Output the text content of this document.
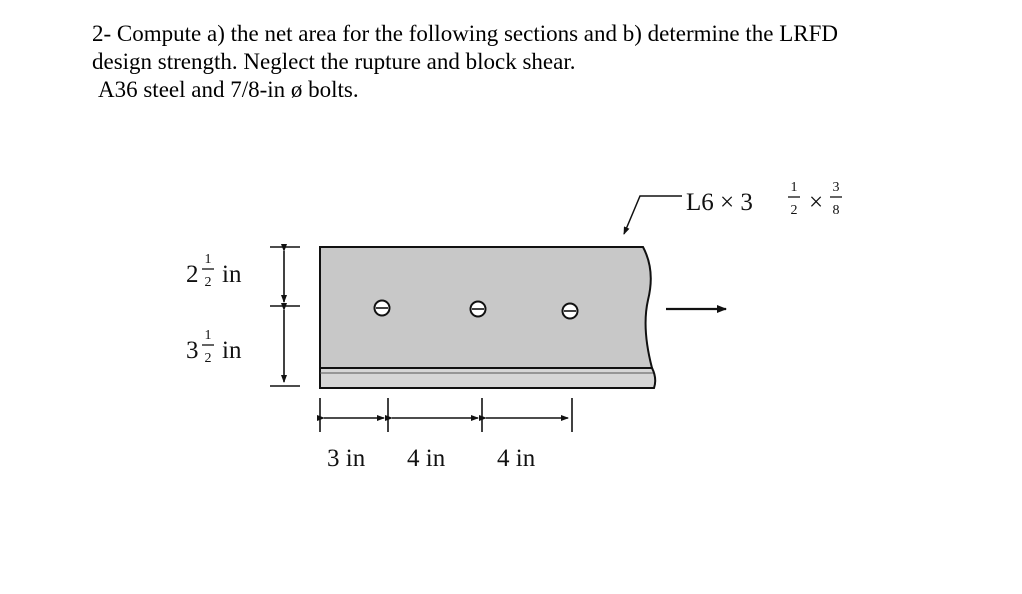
2- Compute a) the net area for the following sections and b) determine the LRFD
design strength. Neglect the rupture and block shear.
A36 steel and 7/8-in ø bolts.
L6 × 3
1
2 ×
3
8
2
1
2 in
3
1
2 in
3 in 4 in 4 in
